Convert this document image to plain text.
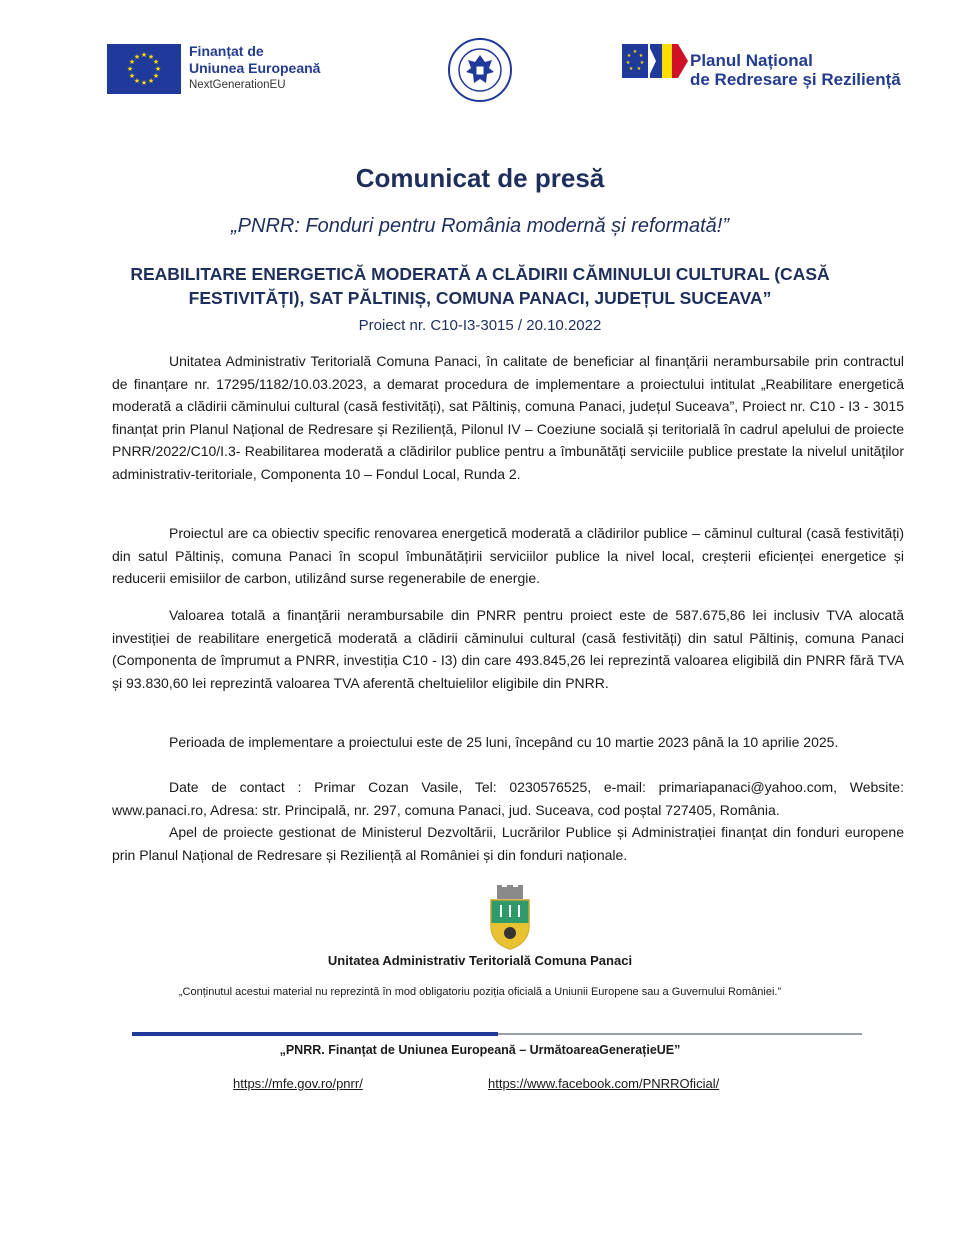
★ ★
★
★
★
★
★
★
★
★
★
★	Finanțat de
Uniunea Europeană
NextGenerationEU
★
★
★
★
★
★
★	Planul Național
de Redresare și Reziliență
Comunicat de presă
„PNRR: Fonduri pentru România modernă și reformată!”
REABILITARE ENERGETICĂ MODERATĂ A CLĂDIRII CĂMINULUI CULTURAL (CASĂ FESTIVITĂȚI), SAT PĂLTINIȘ, COMUNA PANACI, JUDEȚUL SUCEAVA”
Proiect nr. C10-I3-3015 / 20.10.2022

Unitatea Administrativ Teritorială Comuna Panaci, în calitate de beneficiar al finanțării nerambursabile prin contractul de finanțare nr. 17295/1182/10.03.2023, a demarat procedura de implementare a proiectului intitulat „Reabilitare energetică moderată a clădirii căminului cultural (casă festivități), sat Păltiniș, comuna Panaci, județul Suceava”, Proiect nr. C10 - I3 - 3015 finanțat prin Planul Național de Redresare și Reziliență, Pilonul IV – Coeziune socială și teritorială în cadrul apelului de proiecte PNRR/2022/C10/I.3- Reabilitarea moderată a clădirilor publice pentru a îmbunătăți serviciile publice prestate la nivelul unităților administrativ-teritoriale, Componenta 10 – Fondul Local, Runda 2.

Proiectul are ca obiectiv specific renovarea energetică moderată a clădirilor publice – căminul cultural (casă festivități) din satul Păltiniș, comuna Panaci în scopul îmbunătățirii serviciilor publice la nivel local, creșterii eficienței energetice și reducerii emisiilor de carbon, utilizând surse regenerabile de energie.

Valoarea totală a finanțării nerambursabile din PNRR pentru proiect este de 587.675,86 lei inclusiv TVA alocată investiției de reabilitare energetică moderată a clădirii căminului cultural (casă festivități) din satul Păltiniș, comuna Panaci (Componenta de împrumut a PNRR, investiția C10 - I3) din care 493.845,26 lei reprezintă valoarea eligibilă din PNRR fără TVA și 93.830,60 lei reprezintă valoarea TVA aferentă cheltuielilor eligibile din PNRR.

Perioada de implementare a proiectului este de 25 luni, începând cu 10 martie 2023 până la 10 aprilie 2025.

Date de contact : Primar Cozan Vasile, Tel: 0230576525, e-mail: primariapanaci@yahoo.com, Website: www.panaci.ro, Adresa: str. Principală, nr. 297, comuna Panaci, jud. Suceava, cod poștal 727405, România.

Apel de proiecte gestionat de Ministerul Dezvoltării, Lucrărilor Publice și Administrației finanțat din fonduri europene prin Planul Național de Redresare și Reziliență al României și din fonduri naționale.

Unitatea Administrativ Teritorială Comuna Panaci
„Conținutul acestui material nu reprezintă în mod obligatoriu poziția oficială a Uniunii Europene sau a Guvernului României.”
„PNRR. Finanțat de Uniunea Europeană – UrmătoareaGenerațieUE”
https://mfe.gov.ro/pnrr/	https://www.facebook.com/PNRROficial/
